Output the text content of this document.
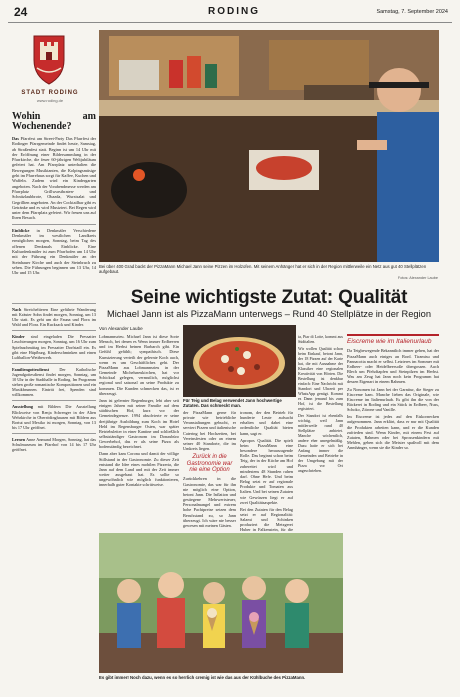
24	RODING	Samstag, 7. September 2024
STADT RODING
www.roding.de
Wohin am Wochenende?

Das Pfarrfest am Street-Party Das Pfarrfest der Rodinger Pfarrgemeinde findet heute, Samstag, ab Straßenfest statt. Beginn ist um 14 Uhr mit der Eröffnung einer Bildersammlung in der Pfarrkirche, die feuer 60-jährigen Weltjubiläum gefeiert hat. Am Pfarrplatz unterhalten die Bewegungen Musiktanten, die Kolpingsmüsige geht im Pfarrehaus sorgt für Kaffee, Kuchen und Waffeln. Zudem wird ein Kindergarten angeboten. Nach der Vorabendmesse werden am Pfarrplatz Grillwurstbraten- und Schnitzlaubbrote, Obazda, Wurstsalat und Gegrillten angeboten. An der Cocktailbar gibt es Getränke und es wird Musiziert. Bei Regen wird unter dem Pfarrplatz gefeiert. Wir freuen uns auf Ihren Besuch.

Einblicke in Denkmäler Verschiedene Denkmäler im westlichen Landkreis ermöglichen morgen, Sonntag, beim Tag des offenen Denkmals Einblicke. Eine Kulturdenkmäler ist zum Pfarrhofen um 14 Uhr mit der Führung ein Denkmäler an der Steinhauer Kirche und auch der Steinbruch zu sehen. Die Führungen beginnen um 13 Uhr, 14 Uhr und 15 Uhr.

Nach Streicheltieren Eine geführte Wanderung mit Kräuter Sohn findet morgen, Sonntag, um 13 Uhr statt. Es geht um die Fauna und Flora im Wald und Flora. Ein Rucksack und Kinder.

Kinder sind eingeladen Die Pressatter Leuchterungen morgen, Sonntag, um 16 Uhr zum Spielnachmittag im Pressatter Dorfstadl ein. Es gibt eine Hüpfburg, Kinderschminken und einen Luftballon-Wettbewerb.

Familiengottesdienst Der Katholische Jugendgottesdienst findet morgen, Sonntag, um 10 Uhr in der Stadthalle in Roding. Im Programm stehen große romantische Kompositionen und ein Musikbrunnen. Eintritt frei, Spenden sind willkommen.

Ausstellung mit Bildern Die Ausstellung Blickweise von Renja Schrenger in der Alten Wehrkirche in Oberrödinghausen mit Bildern aus Boriut und Mexiko ist morgen, Sonntag, von 13 bis 17 Uhr geöffnet.

Lernen Anne Anmund Morgen, Sonntag, hat das Schulmuseum im Pfarrhof von 14 bis 17 Uhr geöffnet.

Bei über 400 Grad backt der PizzaMann Michael Jann seine Pizzen im Holzofen. Mit seinem Anhänger hat er sich in der Region mittlerweile ein Netz aus gut 40 Stellplätzen aufgebaut.
Fotos: Alexander Laube
Seine wichtigste Zutat: Qualität
Michael Jann ist als PizzaMann unterwegs – Rund 40 Stellplätze in der Region
Von Alexander Laube

Lobmannsrieu. Michael Jann ist diese Sorte Mensch, bei denen es Wenn immer Erdbeeren und im Herbst beinen Barbarch gibt. Ein Gefühl gefühlt; sympathisch. Diese Kunstzierung verteilt der gelernte Koch auch, wenn es um Geschäftliches geht. Der PizzaMann aus Lobmannsrieu in der Gemeinde Michelsneukirchen, hat vor Schicksal gelegen, vermutlich, möglichst regional und saisonal an seine Produkte zu kommen. Die Kunden schmecken das, ist er überzeugt.

Jann ist gelernter Regenburger, lebt aber seit einigen Jahren mit seiner Familie auf dem städtischen Hof, kurz vor der Gemeindegrenze. 1994 absolvierte er seine dreijährige Ausbildung zum Koch im Hotel Held im Regensburger Osten, war später Betriebsleiter in einer Kantine und schließlich selbstständiger Gastronom im Donaubüro Gewerbehof, das er als seine Pizza als bodenständig bezeichnet.

Dann aber kam Corona und damit der völlige Stillstand in der Gastronomie. Zu dieser Zeit entstand die Idee eines mobilen Pizzeria, die Jann auf dem Land und mit der Zeit immer weiter ausgebaut hat. Es sollte so ungewöhnlich wie möglich funktionieren, innerhalb guter Kontakte schrittweise.

Für Teig und Belag verwendet Jann hochwertige Zutaten. Das schmeckt man.

der PizzaMann gerne für private wie betriebliche Veranstaltungen gebucht, er serviert Pizzen und italienische Catering bei Hochzeiten, bei Vereinsfesten oder an einem seiner 40 Standorte, die im Umkreis liegen.

Zurück in die Gastronomie war nie eine Option

Zurückkehren in die Gastronomie, das war für ihn nie möglich eine Option, betont Jann. Die Inflation und gestiegene Mehrwertsteuer, Personalmangel und extrem hohe Pachtpreise setzen dem Berufsstand zu, so Jann überzeugt. Ich wäre nie besser gewesen mit meinen Gästen.

tronom, der den Betrieb für hunderte Leute aufsucht erhalten und dabei eine ordentliche Qualität bieten kann, sagt er.

Apropos Qualität. Die spielt beim PizzaMann eine besondere herausragende Rolle. Das beginnt schon beim Teig, der in der Küche am Hof zubereitet wird und mindestens 48 Stunden ruhen darf. Ohne Hefe. Und beim Belag setzt er auf regionale Produkte und Tomaten aus Italien. Und bei seinen Zutaten wie Gewürzen liegt er auf zwei Qualitätsaspekte.

Bei den Zutaten für den Belag setzt er auf Regionalität: Salami und Schinken produziert die Metzgerei Huber in Falkenstein, für die

ia, Piar di Lotte, kommt aus Süditalien.

Wir wollen Qualität schon beim Einkauf, betont Jann, der 18 Pizzen auf der Karte hat, die mit Ausnahme der Klassiker eine regionalen Kreativität von Hörten. Die Bestellung ist denkbar einfach: Eine Nachricht mit Standort und Uhrzeit per WhatsApp genügt. Kommt es Dann jemand bis zum Hof, ist die Bestellung registriert.

Der Standort ist ebenfalls wichtig, weil Jann mittlerweile rund 40 Stellplätze anbietet. Manche wöchentlich, andere eher unregelmäßig. Dazu hatte er sich bei Anfang immer die Gemeinden und Betriebe in der Umgebung mit der Pizza vor Ort angeschrieben.

Es gibt immer! Noch dazu, wenn es so herrlich cremig ist wie das aus der Kühlbuche des PizzaMann.
Eiscreme wie im Italienurlaub

Da Teigbewegende Bekanntlich immer gehen, hat der PizzaMann auch einiges an Bord. Tiramisu und Pannacotta macht er selbst. Letzteres im Sommer mit Erdbeer- oder Heidelbeersoße übergossen. Auch Blech um Pfelsdtapfen und Steinpilzen im Herbst. Was am Zeug hat Jann noch kein Programm hat dessen Eigenart in einem Rahmen.

Zu Nonomen ist Jann bei der Garnitur, die Sieger zu Eiscreme kam. Manche lieben das Originale, wie Eiscreme im Italienurlaub. Es gibt ihn die von der Bäckerei in Roding und ein Stück in Erdbeer, Nuss, Schoko, Zitrone und Vanille.

Im Eiscreme ist jedes auf den Eiskornecken aufgenommen. Jann erklärt, dass er nur mit Qualität die Produkten arbeiten kann, und er die Kunden zufrieden sind. Wenn Kinder, mit einem Fest auf Zutaten, Rahmen oder bei Sprossenkindern mit Mehlen, geben sich die Meister spaßvoll mit dem Anmhänger, wenn sie die Kinder so.
